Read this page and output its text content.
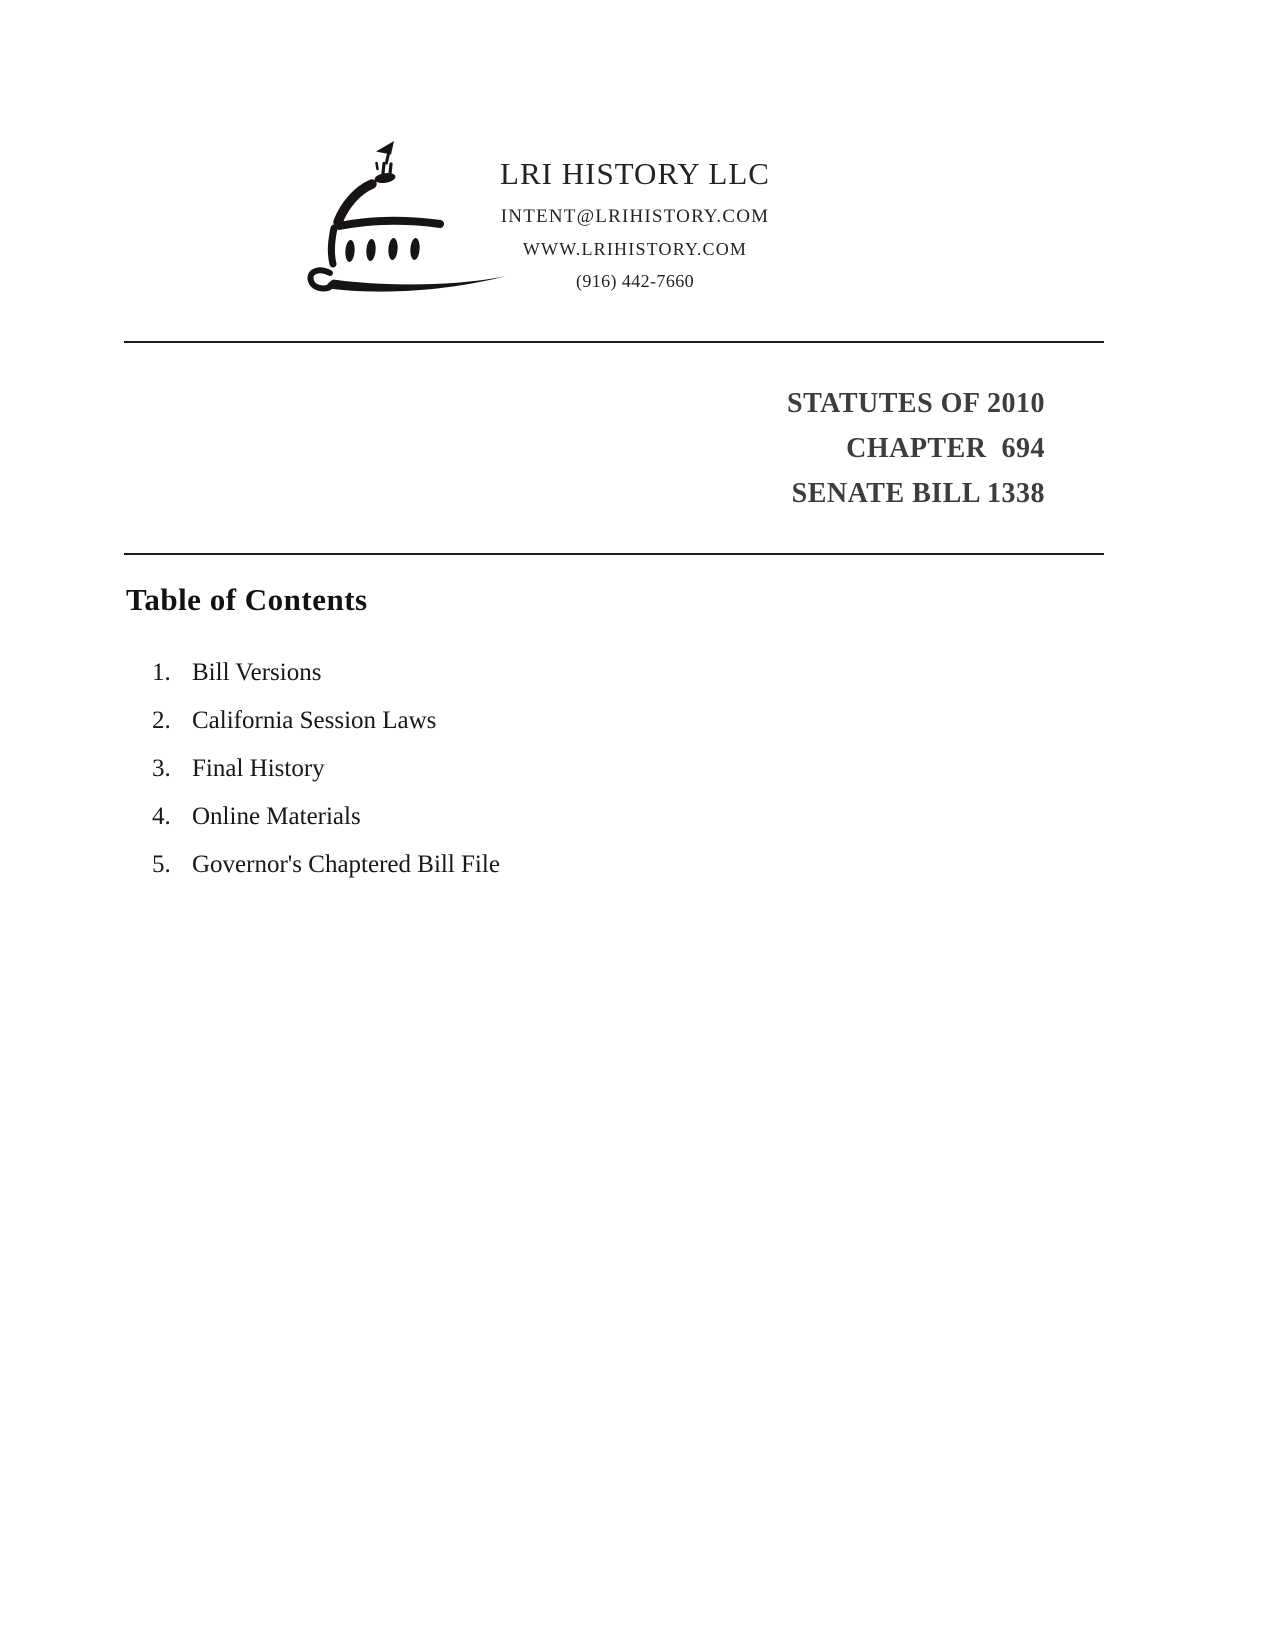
LRI HISTORY LLC
INTENT@LRIHISTORY.COM
WWW.LRIHISTORY.COM
(916) 442-7660
STATUTES OF 2010
CHAPTER  694
SENATE BILL 1338
Table of Contents
1. Bill Versions
2. California Session Laws
3. Final History
4. Online Materials
5. Governor's Chaptered Bill File
